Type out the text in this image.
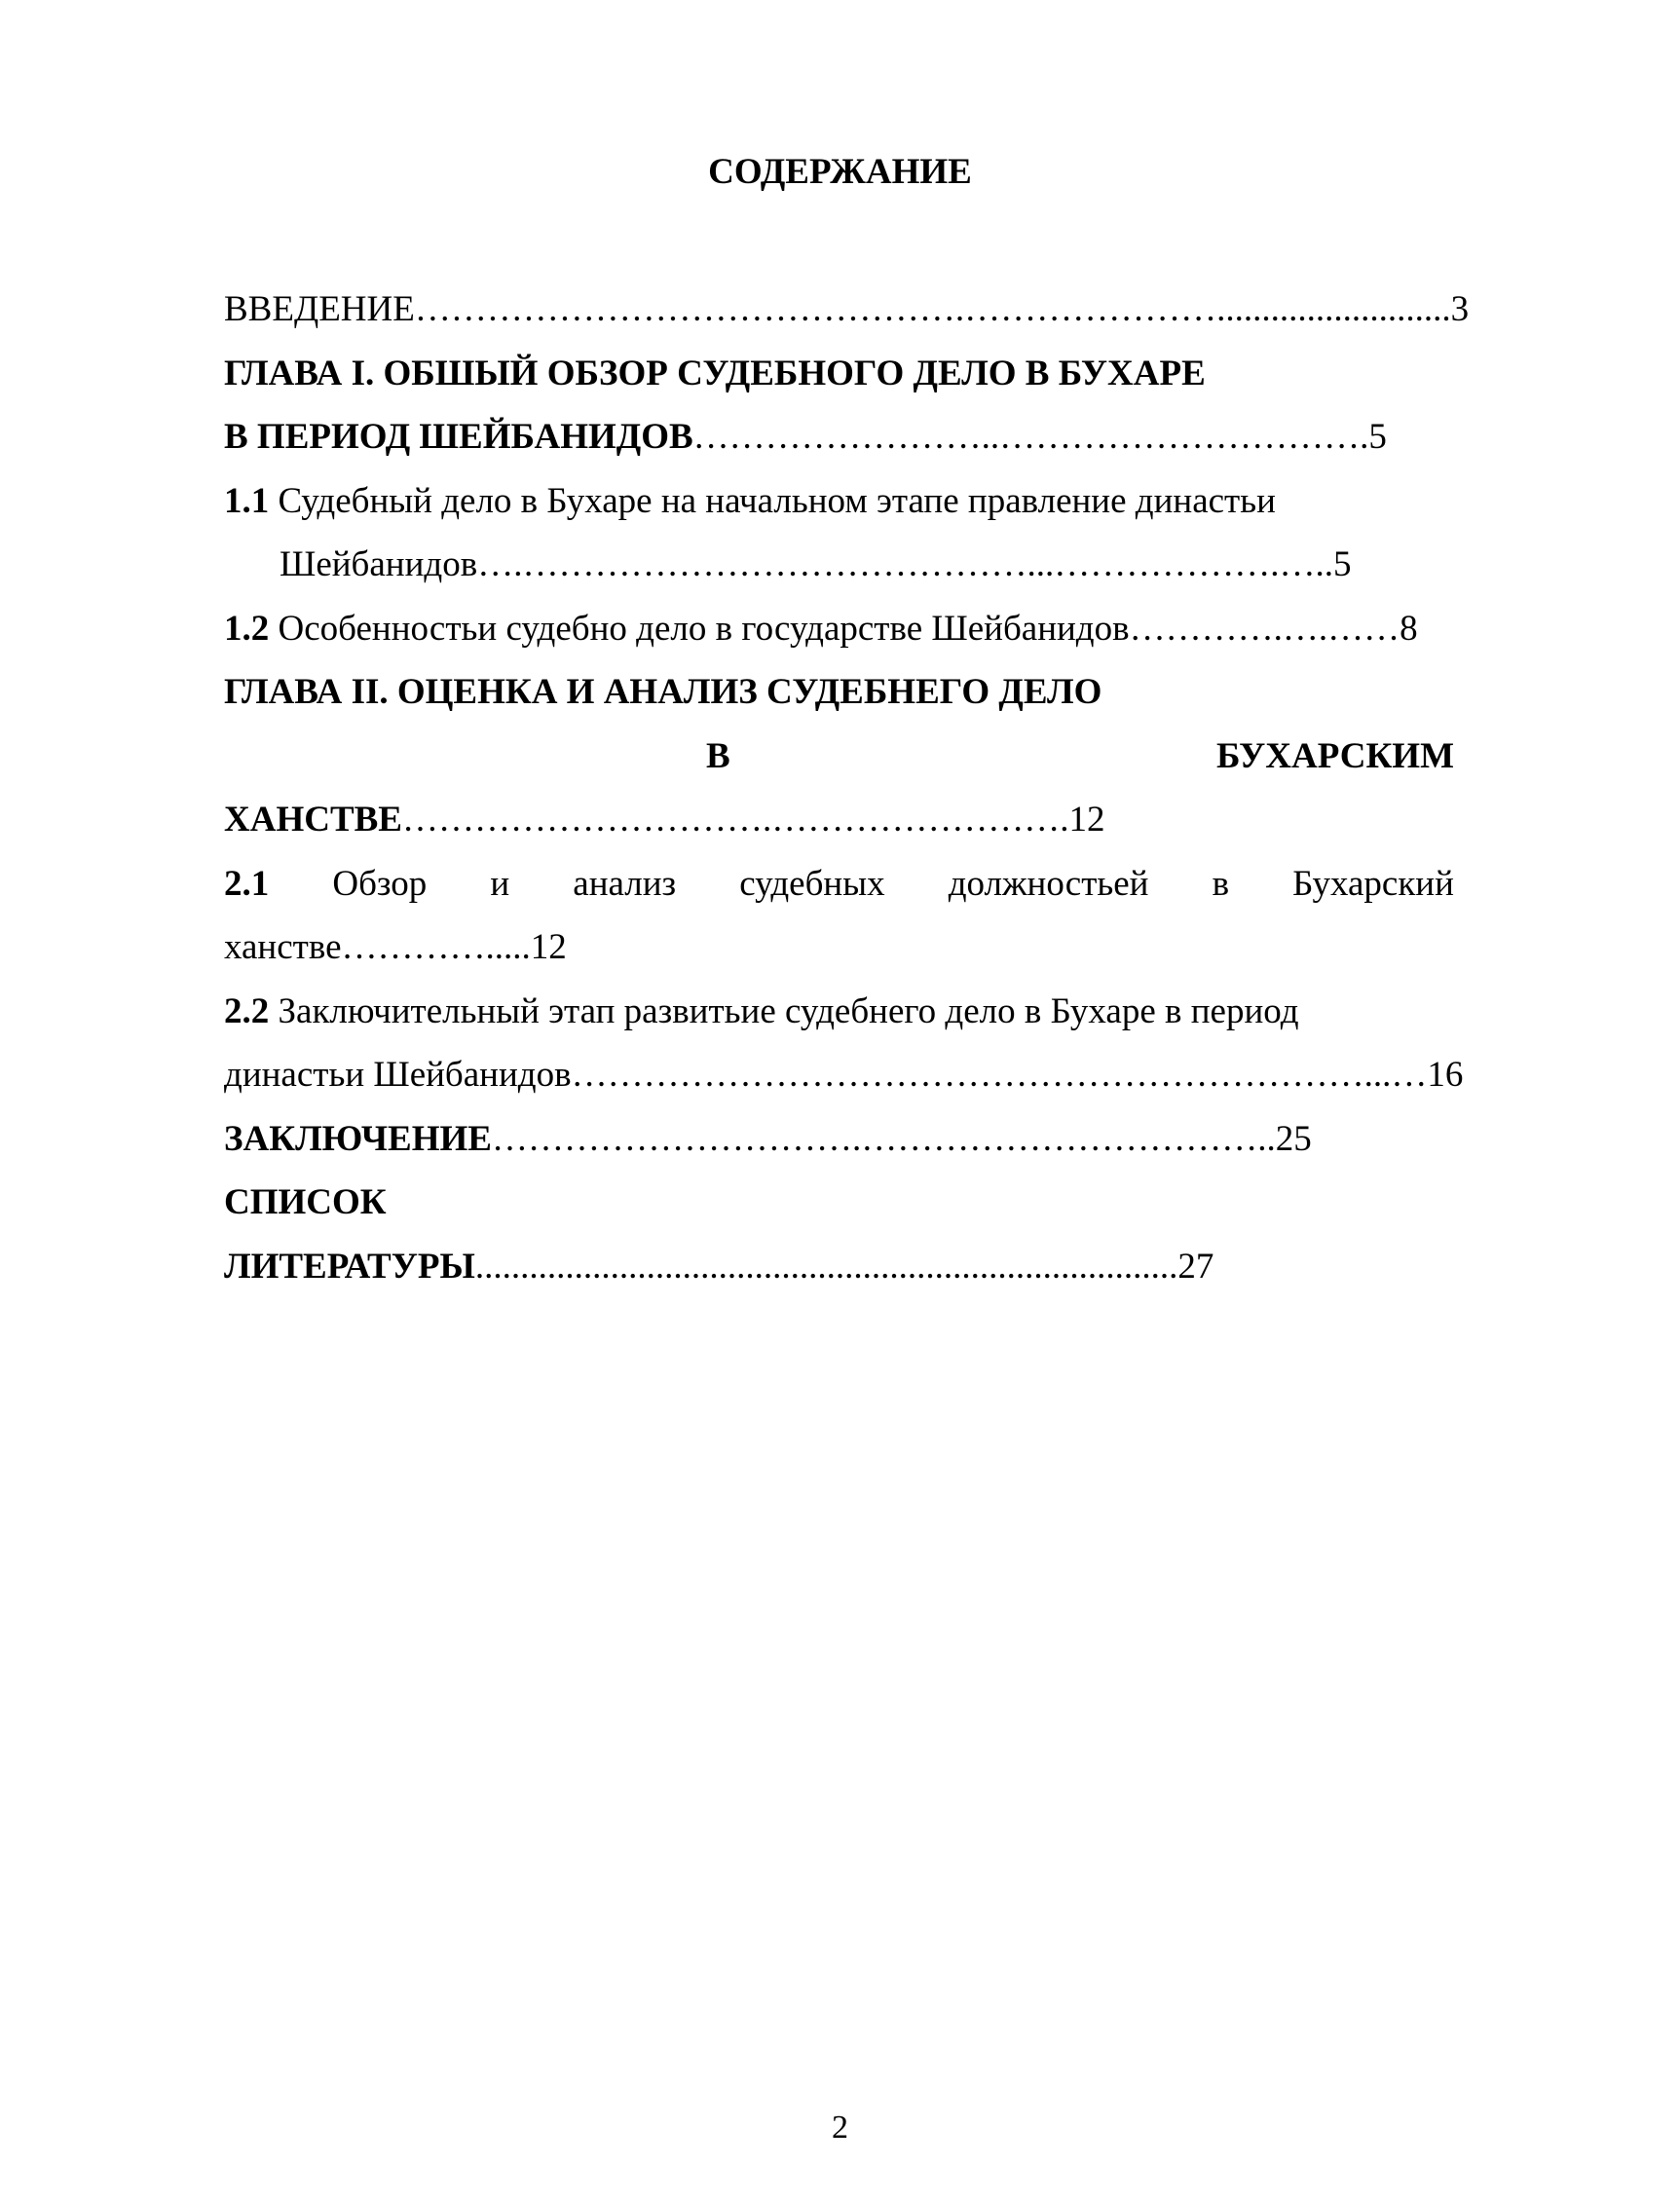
СОДЕРЖАНИЕ
ВВЕДЕНИЕ……………………………………….…………………..........................3
ГЛАВА I. ОБШЫЙ ОБЗОР СУДЕБНОГО ДЕЛО В БУХАРЕ
В ПЕРИОД ШЕЙБАНИДОВ……………………..………………………….5
1.1 Судебный дело в Бухаре на начальном этапе правление династьи
Шейбанидов….……………………………………...……………….…..5
1.2 Особенностьи судебно дело в государстве Шейбанидов………….….……8
ГЛАВА II. ОЦЕНКА И АНАЛИЗ СУДЕБНЕГО ДЕЛО
В	БУХАРСКИМ
ХАНСТВЕ………………………….…………………….12
2.1 Обзор и анализ судебных должностьей в Бухарский
ханстве………….....12
2.2 Заключительный этап развитьие судебнего дело в Бухаре в период
династьи Шейбанидов…………………………………………………………...…16
ЗАКЛЮЧЕНИЕ………………………….……………………………..25
СПИСОК
ЛИТЕРАТУРЫ..............................................................................27
2
